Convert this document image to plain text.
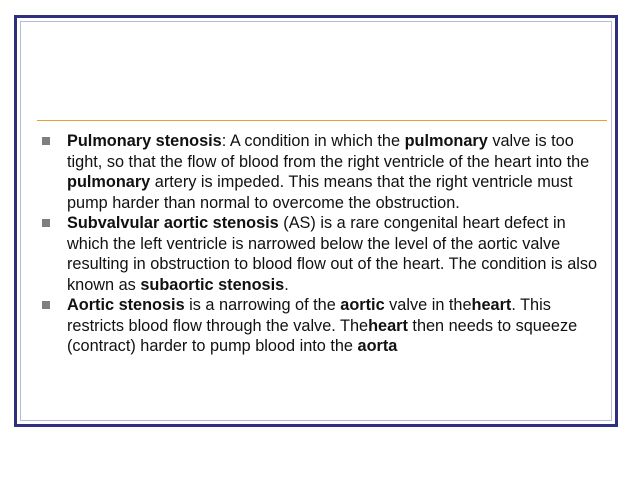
Pulmonary stenosis: A condition in which the pulmonary valve is too tight, so that the flow of blood from the right ventricle of the heart into the pulmonary artery is impeded. This means that the right ventricle must pump harder than normal to overcome the obstruction.
Subvalvular aortic stenosis (AS) is a rare congenital heart defect in which the left ventricle is narrowed below the level of the aortic valve resulting in obstruction to blood flow out of the heart. The condition is also known as subaortic stenosis.
Aortic stenosis is a narrowing of the aortic valve in theheart. This restricts blood flow through the valve. Theheart then needs to squeeze (contract) harder to pump blood into the aorta
